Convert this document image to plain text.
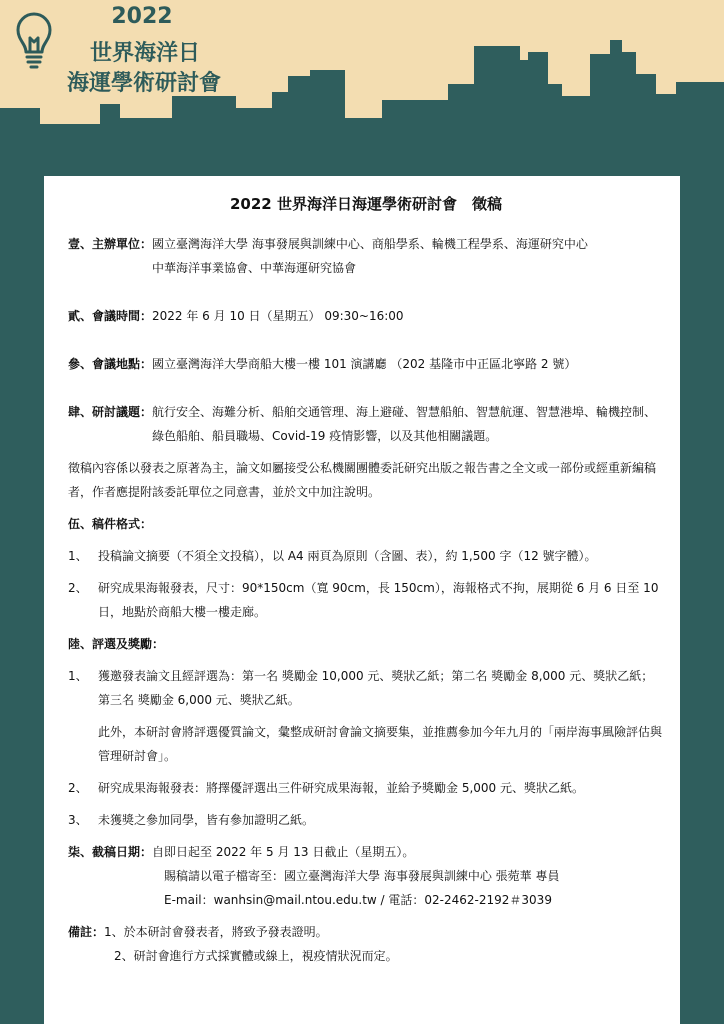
2022
世界海洋日
海運學術研討會
2022 世界海洋日海運學術研討會　徵稿
壹、主辦單位： 國立臺灣海洋大學 海事發展與訓練中心、商船學系、輪機工程學系、海運研究中心
中華海洋事業協會、中華海運研究協會
貳、會議時間： 2022 年 6 月 10 日（星期五） 09:30~16:00
參、會議地點： 國立臺灣海洋大學商船大樓一樓 101 演講廳 （202 基隆市中正區北寧路 2 號）
肆、研討議題： 航行安全、海難分析、船舶交通管理、海上避碰、智慧船舶、智慧航運、智慧港埠、輪機控制、綠色船舶、船員職場、Covid-19 疫情影響，以及其他相關議題。

徵稿內容係以發表之原著為主，論文如屬接受公私機關團體委託研究出版之報告書之全文或一部份或經重新編稿者，作者應提附該委託單位之同意書，並於文中加注說明。

伍、稿件格式：
1、 投稿論文摘要（不須全文投稿），以 A4 兩頁為原則（含圖、表），約 1,500 字（12 號字體）。
2、 研究成果海報發表，尺寸：90*150cm（寬 90cm，長 150cm），海報格式不拘，展期從 6 月 6 日至 10 日，地點於商船大樓一樓走廊。
陸、評選及獎勵：
1、 獲邀發表論文且經評選為：第一名 獎勵金 10,000 元、獎狀乙紙；第二名 獎勵金 8,000 元、獎狀乙紙；第三名 獎勵金 6,000 元、獎狀乙紙。

此外，本研討會將評選優質論文，彙整成研討會論文摘要集，並推薦參加今年九月的「兩岸海事風險評估與管理研討會」。

2、 研究成果海報發表：將擇優評選出三件研究成果海報，並給予獎勵金 5,000 元、獎狀乙紙。
3、 未獲獎之參加同學，皆有參加證明乙紙。
柒、截稿日期： 自即日起至 2022 年 5 月 13 日截止（星期五）。
賜稿請以電子檔寄至：國立臺灣海洋大學 海事發展與訓練中心 張菀華 專員
E-mail：wanhsin@mail.ntou.edu.tw / 電話：02-2462-2192＃3039
備註： 1、於本研討會發表者，將致予發表證明。
2、研討會進行方式採實體或線上，視疫情狀況而定。
